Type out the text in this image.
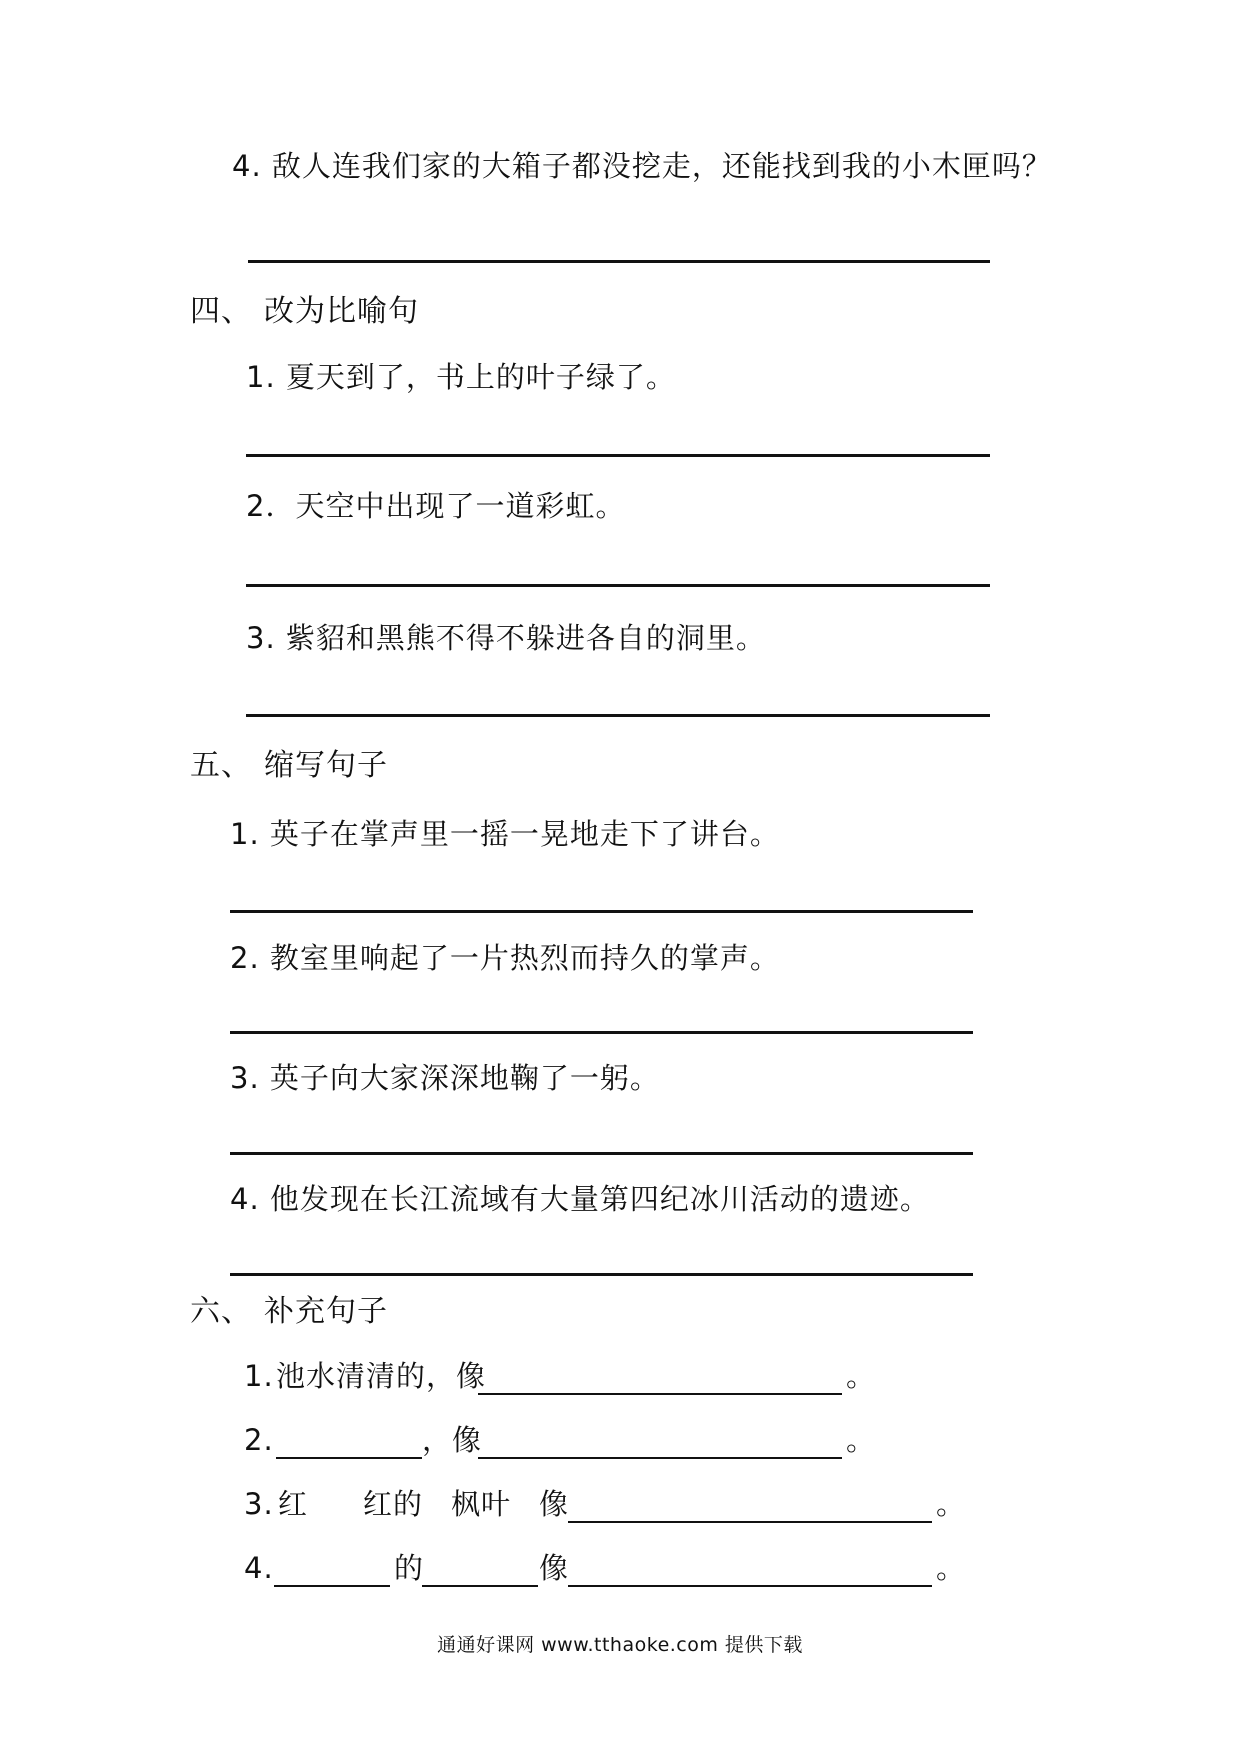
4. 敌人连我们家的大箱子都没挖走，还能找到我的小木匣吗？
四、 改为比喻句
1. 夏天到了，书上的叶子绿了。
2．天空中出现了一道彩虹。
3. 紫貂和黑熊不得不躲进各自的洞里。
五、 缩写句子
1. 英子在掌声里一摇一晃地走下了讲台。
2. 教室里响起了一片热烈而持久的掌声。
3. 英子向大家深深地鞠了一躬。
4. 他发现在长江流域有大量第四纪冰川活动的遗迹。
六、 补充句子
1. 池水清清的，像	。
2.	，像	。
3. 红 红的 枫叶 像	。
4.	的	像	。
通通好课网 www.tthaoke.com 提供下载
